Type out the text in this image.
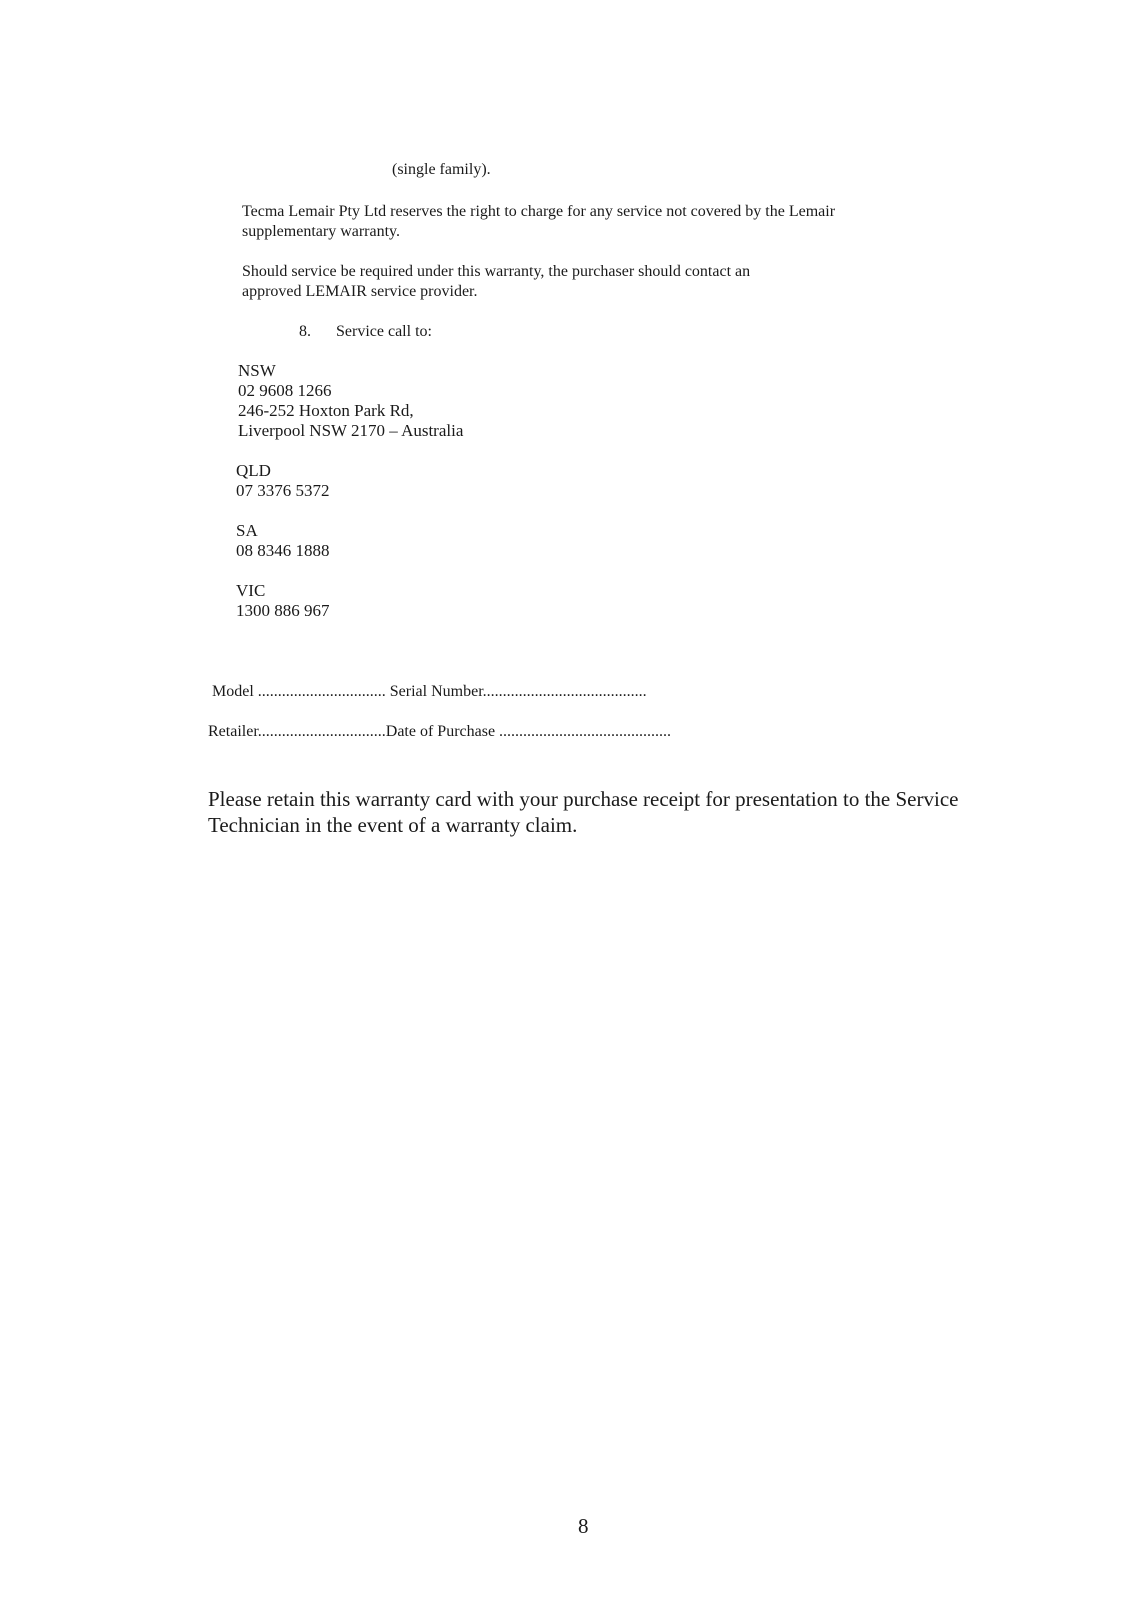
(single family).
Tecma Lemair Pty Ltd reserves the right to charge for any service not covered by the Lemair
supplementary warranty.
Should service be required under this warranty, the purchaser should contact an
approved LEMAIR service provider.
8. Service call to:
NSW
02 9608 1266
246-252 Hoxton Park Rd,
Liverpool NSW 2170 – Australia
QLD
07 3376 5372
SA
08 8346 1888
VIC
1300 886 967
Model ................................ Serial Number.........................................
Retailer................................Date of Purchase ...........................................
Please retain this warranty card with your purchase receipt for presentation to the Service
Technician in the event of a warranty claim.
8
